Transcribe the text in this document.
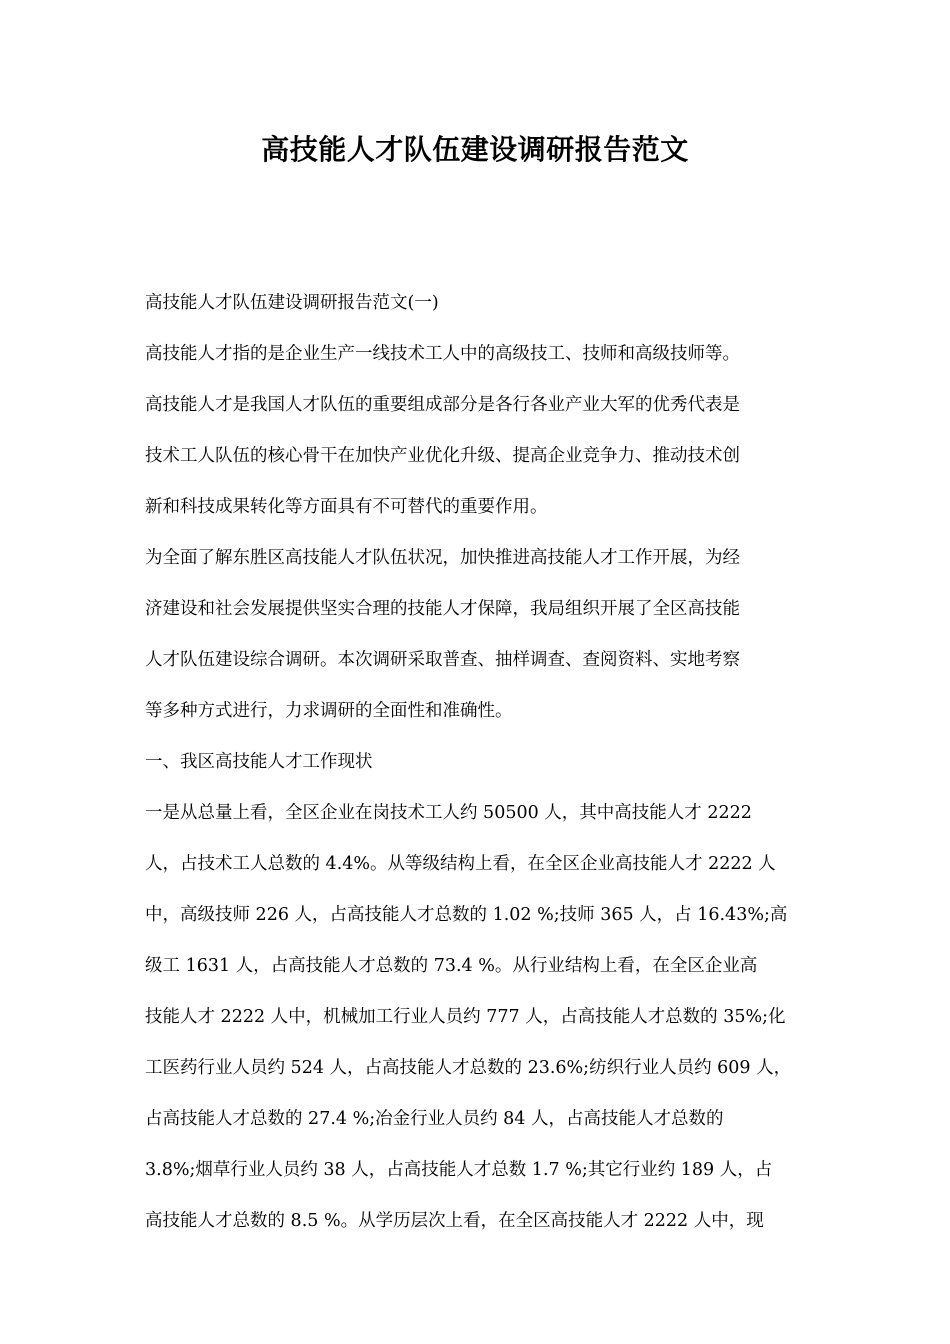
高技能人才队伍建设调研报告范文
高技能人才队伍建设调研报告范文(一)
高技能人才指的是企业生产一线技术工人中的高级技工、技师和高级技师等。
高技能人才是我国人才队伍的重要组成部分是各行各业产业大军的优秀代表是
技术工人队伍的核心骨干在加快产业优化升级、提高企业竞争力、推动技术创
新和科技成果转化等方面具有不可替代的重要作用。
为全面了解东胜区高技能人才队伍状况，加快推进高技能人才工作开展，为经
济建设和社会发展提供坚实合理的技能人才保障，我局组织开展了全区高技能
人才队伍建设综合调研。本次调研采取普查、抽样调查、查阅资料、实地考察
等多种方式进行，力求调研的全面性和准确性。
一、我区高技能人才工作现状
一是从总量上看，全区企业在岗技术工人约 50500 人，其中高技能人才 2222
人，占技术工人总数的 4.4%。从等级结构上看，在全区企业高技能人才 2222 人
中，高级技师 226 人，占高技能人才总数的 1.02 %;技师 365 人，占 16.43%;高
级工 1631 人，占高技能人才总数的 73.4 %。从行业结构上看，在全区企业高
技能人才 2222 人中，机械加工行业人员约 777 人，占高技能人才总数的 35%;化
工医药行业人员约 524 人，占高技能人才总数的 23.6%;纺织行业人员约 609 人，
占高技能人才总数的 27.4 %;冶金行业人员约 84 人，占高技能人才总数的
3.8%;烟草行业人员约 38 人，占高技能人才总数 1.7 %;其它行业约 189 人，占
高技能人才总数的 8.5 %。从学历层次上看，在全区高技能人才 2222 人中，现
